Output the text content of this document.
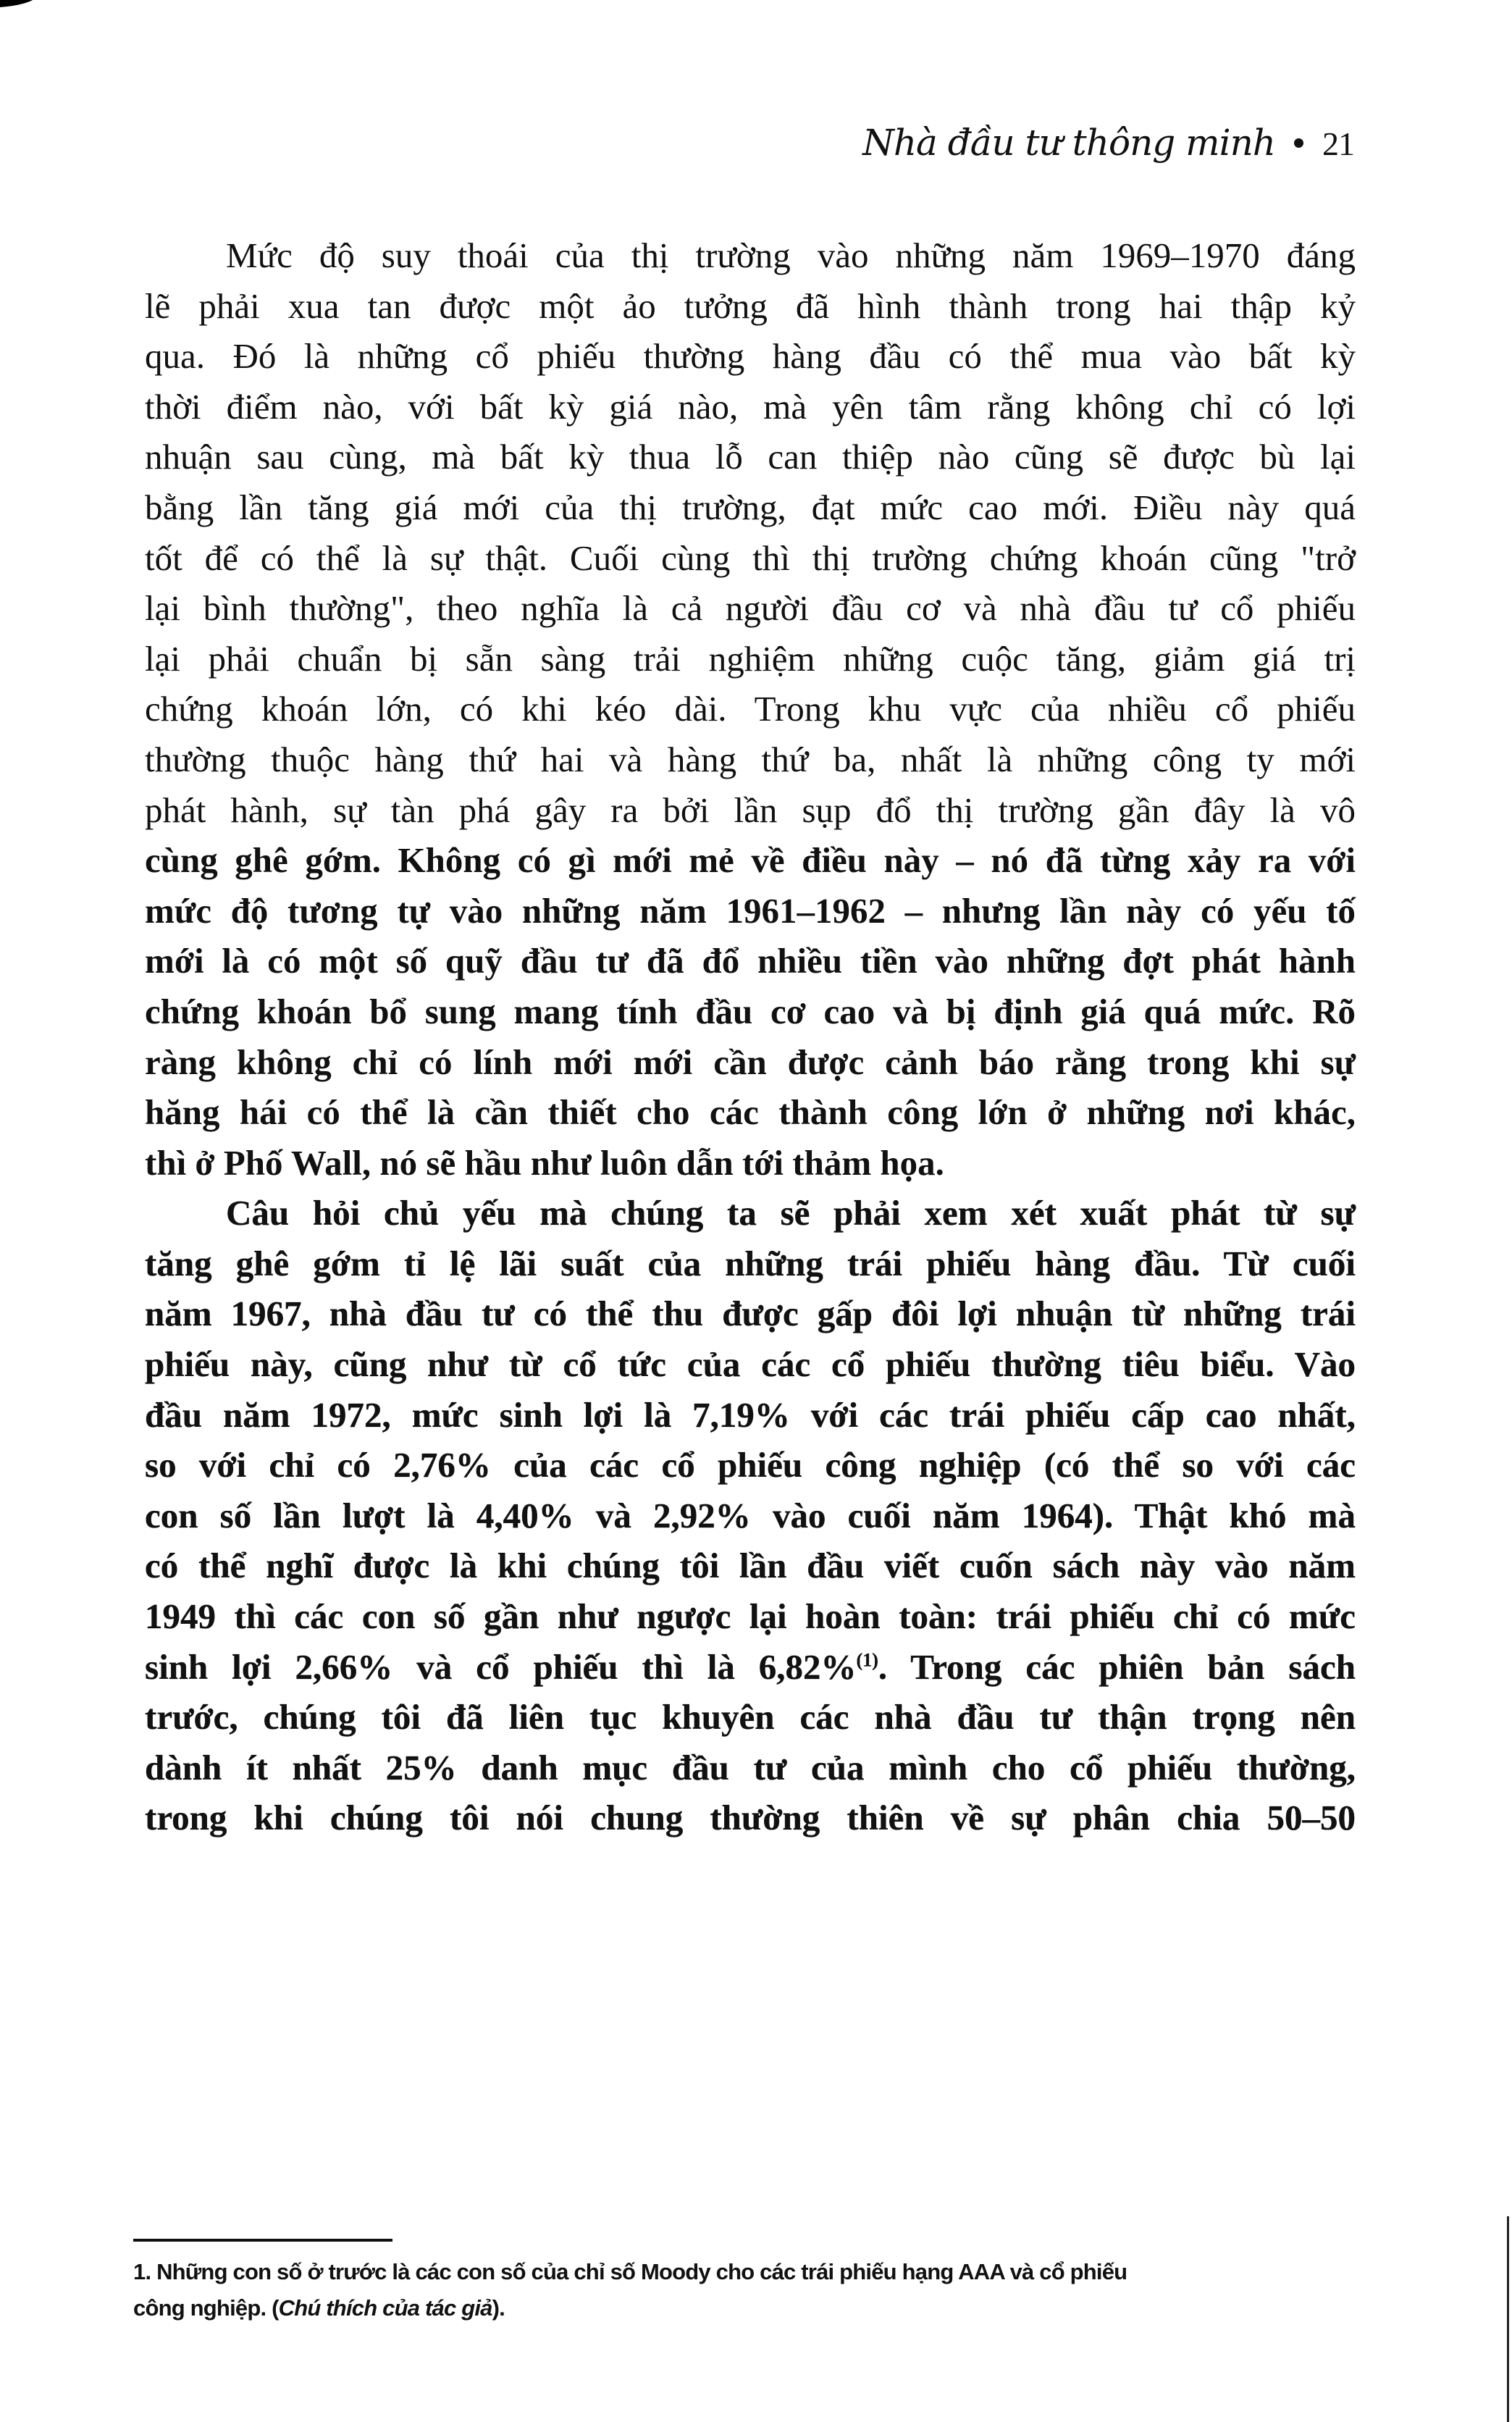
Nhà đầu tư thông minh 21
Mức độ suy thoái của thị trường vào những năm 1969–1970 đáng
lẽ phải xua tan được một ảo tưởng đã hình thành trong hai thập kỷ
qua. Đó là những cổ phiếu thường hàng đầu có thể mua vào bất kỳ
thời điểm nào, với bất kỳ giá nào, mà yên tâm rằng không chỉ có lợi
nhuận sau cùng, mà bất kỳ thua lỗ can thiệp nào cũng sẽ được bù lại
bằng lần tăng giá mới của thị trường, đạt mức cao mới. Điều này quá
tốt để có thể là sự thật. Cuối cùng thì thị trường chứng khoán cũng "trở
lại bình thường", theo nghĩa là cả người đầu cơ và nhà đầu tư cổ phiếu
lại phải chuẩn bị sẵn sàng trải nghiệm những cuộc tăng, giảm giá trị
chứng khoán lớn, có khi kéo dài. Trong khu vực của nhiều cổ phiếu
thường thuộc hàng thứ hai và hàng thứ ba, nhất là những công ty mới
phát hành, sự tàn phá gây ra bởi lần sụp đổ thị trường gần đây là vô
cùng ghê gớm. Không có gì mới mẻ về điều này – nó đã từng xảy ra với
mức độ tương tự vào những năm 1961–1962 – nhưng lần này có yếu tố
mới là có một số quỹ đầu tư đã đổ nhiều tiền vào những đợt phát hành
chứng khoán bổ sung mang tính đầu cơ cao và bị định giá quá mức. Rõ
ràng không chỉ có lính mới mới cần được cảnh báo rằng trong khi sự
hăng hái có thể là cần thiết cho các thành công lớn ở những nơi khác,
thì ở Phố Wall, nó sẽ hầu như luôn dẫn tới thảm họa.
Câu hỏi chủ yếu mà chúng ta sẽ phải xem xét xuất phát từ sự
tăng ghê gớm tỉ lệ lãi suất của những trái phiếu hàng đầu. Từ cuối
năm 1967, nhà đầu tư có thể thu được gấp đôi lợi nhuận từ những trái
phiếu này, cũng như từ cổ tức của các cổ phiếu thường tiêu biểu. Vào
đầu năm 1972, mức sinh lợi là 7,19% với các trái phiếu cấp cao nhất,
so với chỉ có 2,76% của các cổ phiếu công nghiệp (có thể so với các
con số lần lượt là 4,40% và 2,92% vào cuối năm 1964). Thật khó mà
có thể nghĩ được là khi chúng tôi lần đầu viết cuốn sách này vào năm
1949 thì các con số gần như ngược lại hoàn toàn: trái phiếu chỉ có mức
sinh lợi 2,66% và cổ phiếu thì là 6,82%$^{(1)}$. Trong các phiên bản sách
trước, chúng tôi đã liên tục khuyên các nhà đầu tư thận trọng nên
dành ít nhất 25% danh mục đầu tư của mình cho cổ phiếu thường,
trong khi chúng tôi nói chung thường thiên về sự phân chia 50–50
1. Những con số ở trước là các con số của chỉ số Moody cho các trái phiếu hạng AAA và cổ phiếu
công nghiệp. (Chú thích của tác giả).
